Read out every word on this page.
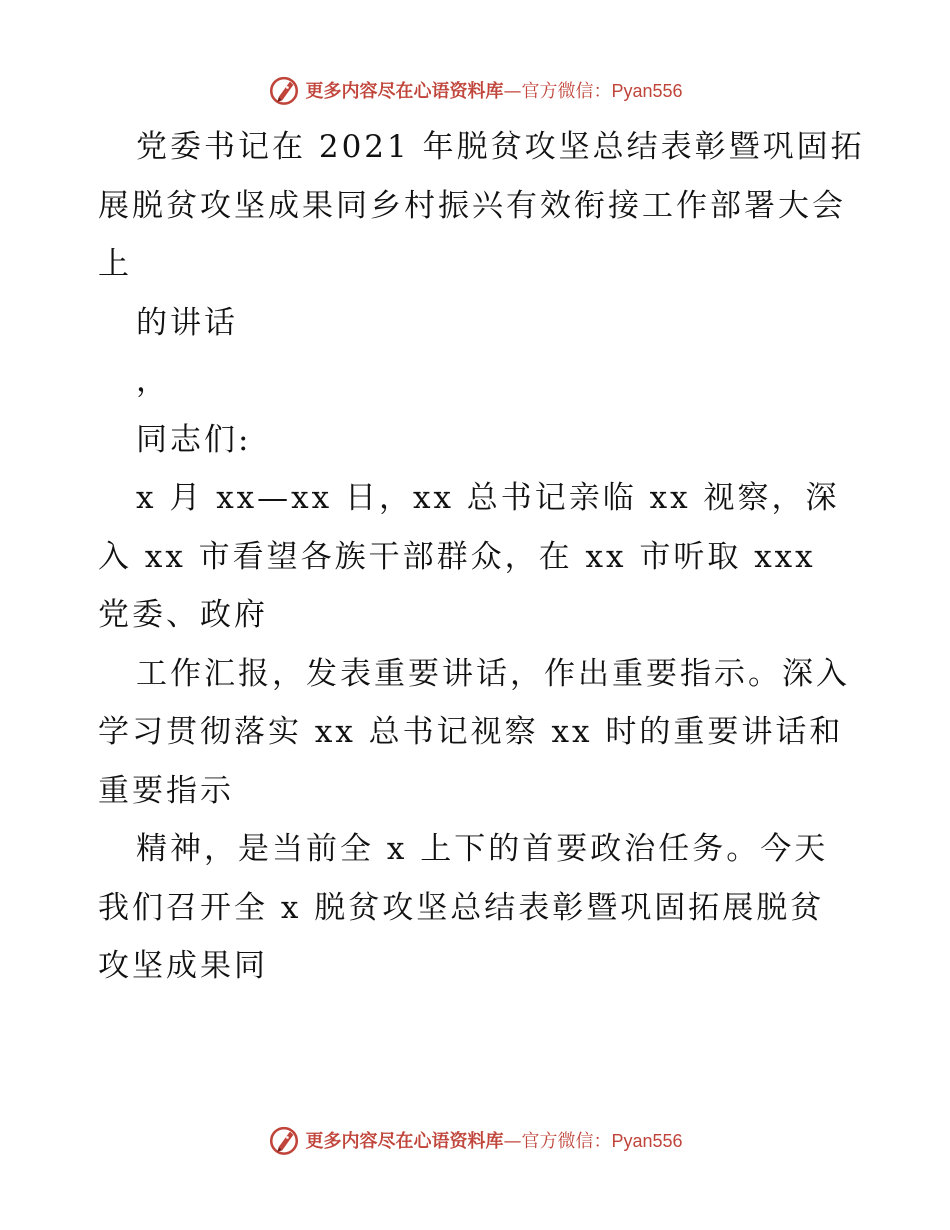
更多内容尽在心语资料库—官方微信：Pyan556
党委书记在 2021 年脱贫攻坚总结表彰暨巩固拓
展脱贫攻坚成果同乡村振兴有效衔接工作部署大会
上
的讲话
，
同志们:
x 月 xx—xx 日，xx 总书记亲临 xx 视察，深
入 xx 市看望各族干部群众，在 xx 市听取 xxx
党委、政府
工作汇报，发表重要讲话，作出重要指示。深入
学习贯彻落实 xx 总书记视察 xx 时的重要讲话和
重要指示
精神，是当前全 x 上下的首要政治任务。今天
我们召开全 x 脱贫攻坚总结表彰暨巩固拓展脱贫
攻坚成果同
更多内容尽在心语资料库—官方微信：Pyan556
